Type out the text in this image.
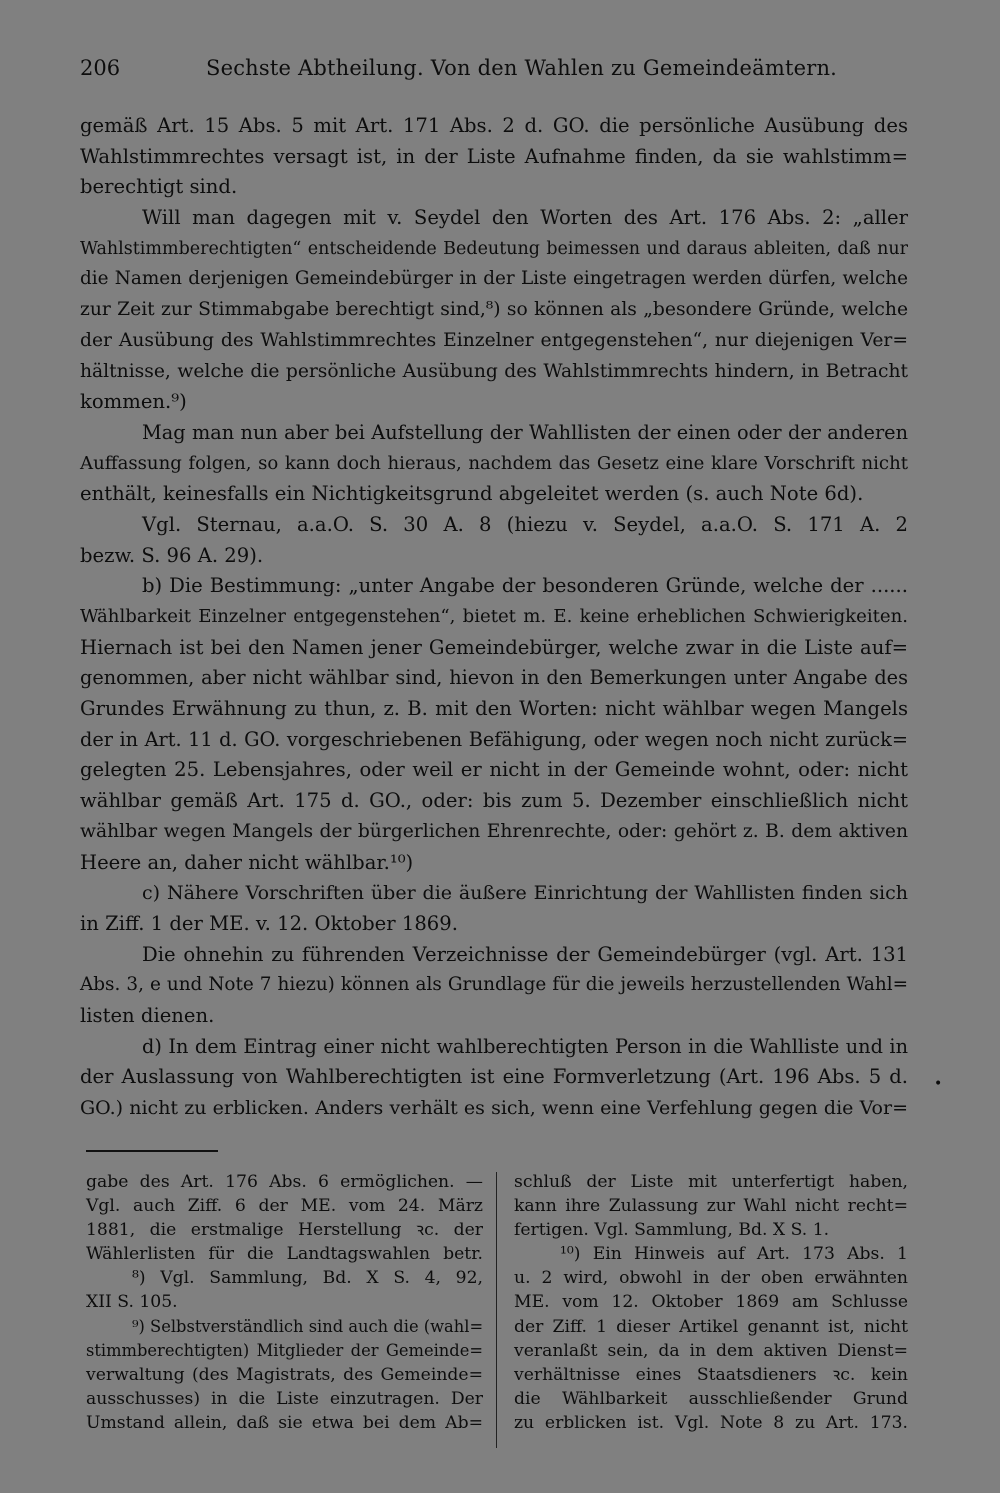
206	Sechste Abtheilung. Von den Wahlen zu Gemeindeämtern.
gemäß Art. 15 Abs. 5 mit Art. 171 Abs. 2 d. GO. die persönliche Ausübung des
Wahlstimmrechtes versagt ist, in der Liste Aufnahme finden, da sie wahlstimm=
berechtigt sind.
Will man dagegen mit v. Seydel den Worten des Art. 176 Abs. 2: „aller
Wahlstimmberechtigten“ entscheidende Bedeutung beimessen und daraus ableiten, daß nur
die Namen derjenigen Gemeindebürger in der Liste eingetragen werden dürfen, welche
zur Zeit zur Stimmabgabe berechtigt sind,⁸) so können als „besondere Gründe, welche
der Ausübung des Wahlstimmrechtes Einzelner entgegenstehen“, nur diejenigen Ver=
hältnisse, welche die persönliche Ausübung des Wahlstimmrechts hindern, in Betracht
kommen.⁹)
Mag man nun aber bei Aufstellung der Wahllisten der einen oder der anderen
Auffassung folgen, so kann doch hieraus, nachdem das Gesetz eine klare Vorschrift nicht
enthält, keinesfalls ein Nichtigkeitsgrund abgeleitet werden (s. auch Note 6d).
Vgl. Sternau, a.a.O. S. 30 A. 8 (hiezu v. Seydel, a.a.O. S. 171 A. 2
bezw. S. 96 A. 29).
b) Die Bestimmung: „unter Angabe der besonderen Gründe, welche der ......
Wählbarkeit Einzelner entgegenstehen“, bietet m. E. keine erheblichen Schwierigkeiten.
Hiernach ist bei den Namen jener Gemeindebürger, welche zwar in die Liste auf=
genommen, aber nicht wählbar sind, hievon in den Bemerkungen unter Angabe des
Grundes Erwähnung zu thun, z. B. mit den Worten: nicht wählbar wegen Mangels
der in Art. 11 d. GO. vorgeschriebenen Befähigung, oder wegen noch nicht zurück=
gelegten 25. Lebensjahres, oder weil er nicht in der Gemeinde wohnt, oder: nicht
wählbar gemäß Art. 175 d. GO., oder: bis zum 5. Dezember einschließlich nicht
wählbar wegen Mangels der bürgerlichen Ehrenrechte, oder: gehört z. B. dem aktiven
Heere an, daher nicht wählbar.¹⁰)
c) Nähere Vorschriften über die äußere Einrichtung der Wahllisten finden sich
in Ziff. 1 der ME. v. 12. Oktober 1869.
Die ohnehin zu führenden Verzeichnisse der Gemeindebürger (vgl. Art. 131
Abs. 3, e und Note 7 hiezu) können als Grundlage für die jeweils herzustellenden Wahl=
listen dienen.
d) In dem Eintrag einer nicht wahlberechtigten Person in die Wahlliste und in
der Auslassung von Wahlberechtigten ist eine Formverletzung (Art. 196 Abs. 5 d.
GO.) nicht zu erblicken. Anders verhält es sich, wenn eine Verfehlung gegen die Vor=
•
gabe des Art. 176 Abs. 6 ermöglichen. —
Vgl. auch Ziff. 6 der ME. vom 24. März
1881, die erstmalige Herstellung ꝛc. der
Wählerlisten für die Landtagswahlen betr.
⁸) Vgl. Sammlung, Bd. X S. 4, 92,
XII S. 105.
⁹) Selbstverständlich sind auch die (wahl=
stimmberechtigten) Mitglieder der Gemeinde=
verwaltung (des Magistrats, des Gemeinde=
ausschusses) in die Liste einzutragen. Der
Umstand allein, daß sie etwa bei dem Ab=
schluß der Liste mit unterfertigt haben,
kann ihre Zulassung zur Wahl nicht recht=
fertigen. Vgl. Sammlung, Bd. X S. 1.
¹⁰) Ein Hinweis auf Art. 173 Abs. 1
u. 2 wird, obwohl in der oben erwähnten
ME. vom 12. Oktober 1869 am Schlusse
der Ziff. 1 dieser Artikel genannt ist, nicht
veranlaßt sein, da in dem aktiven Dienst=
verhältnisse eines Staatsdieners ꝛc. kein
die Wählbarkeit ausschließender Grund
zu erblicken ist. Vgl. Note 8 zu Art. 173.
